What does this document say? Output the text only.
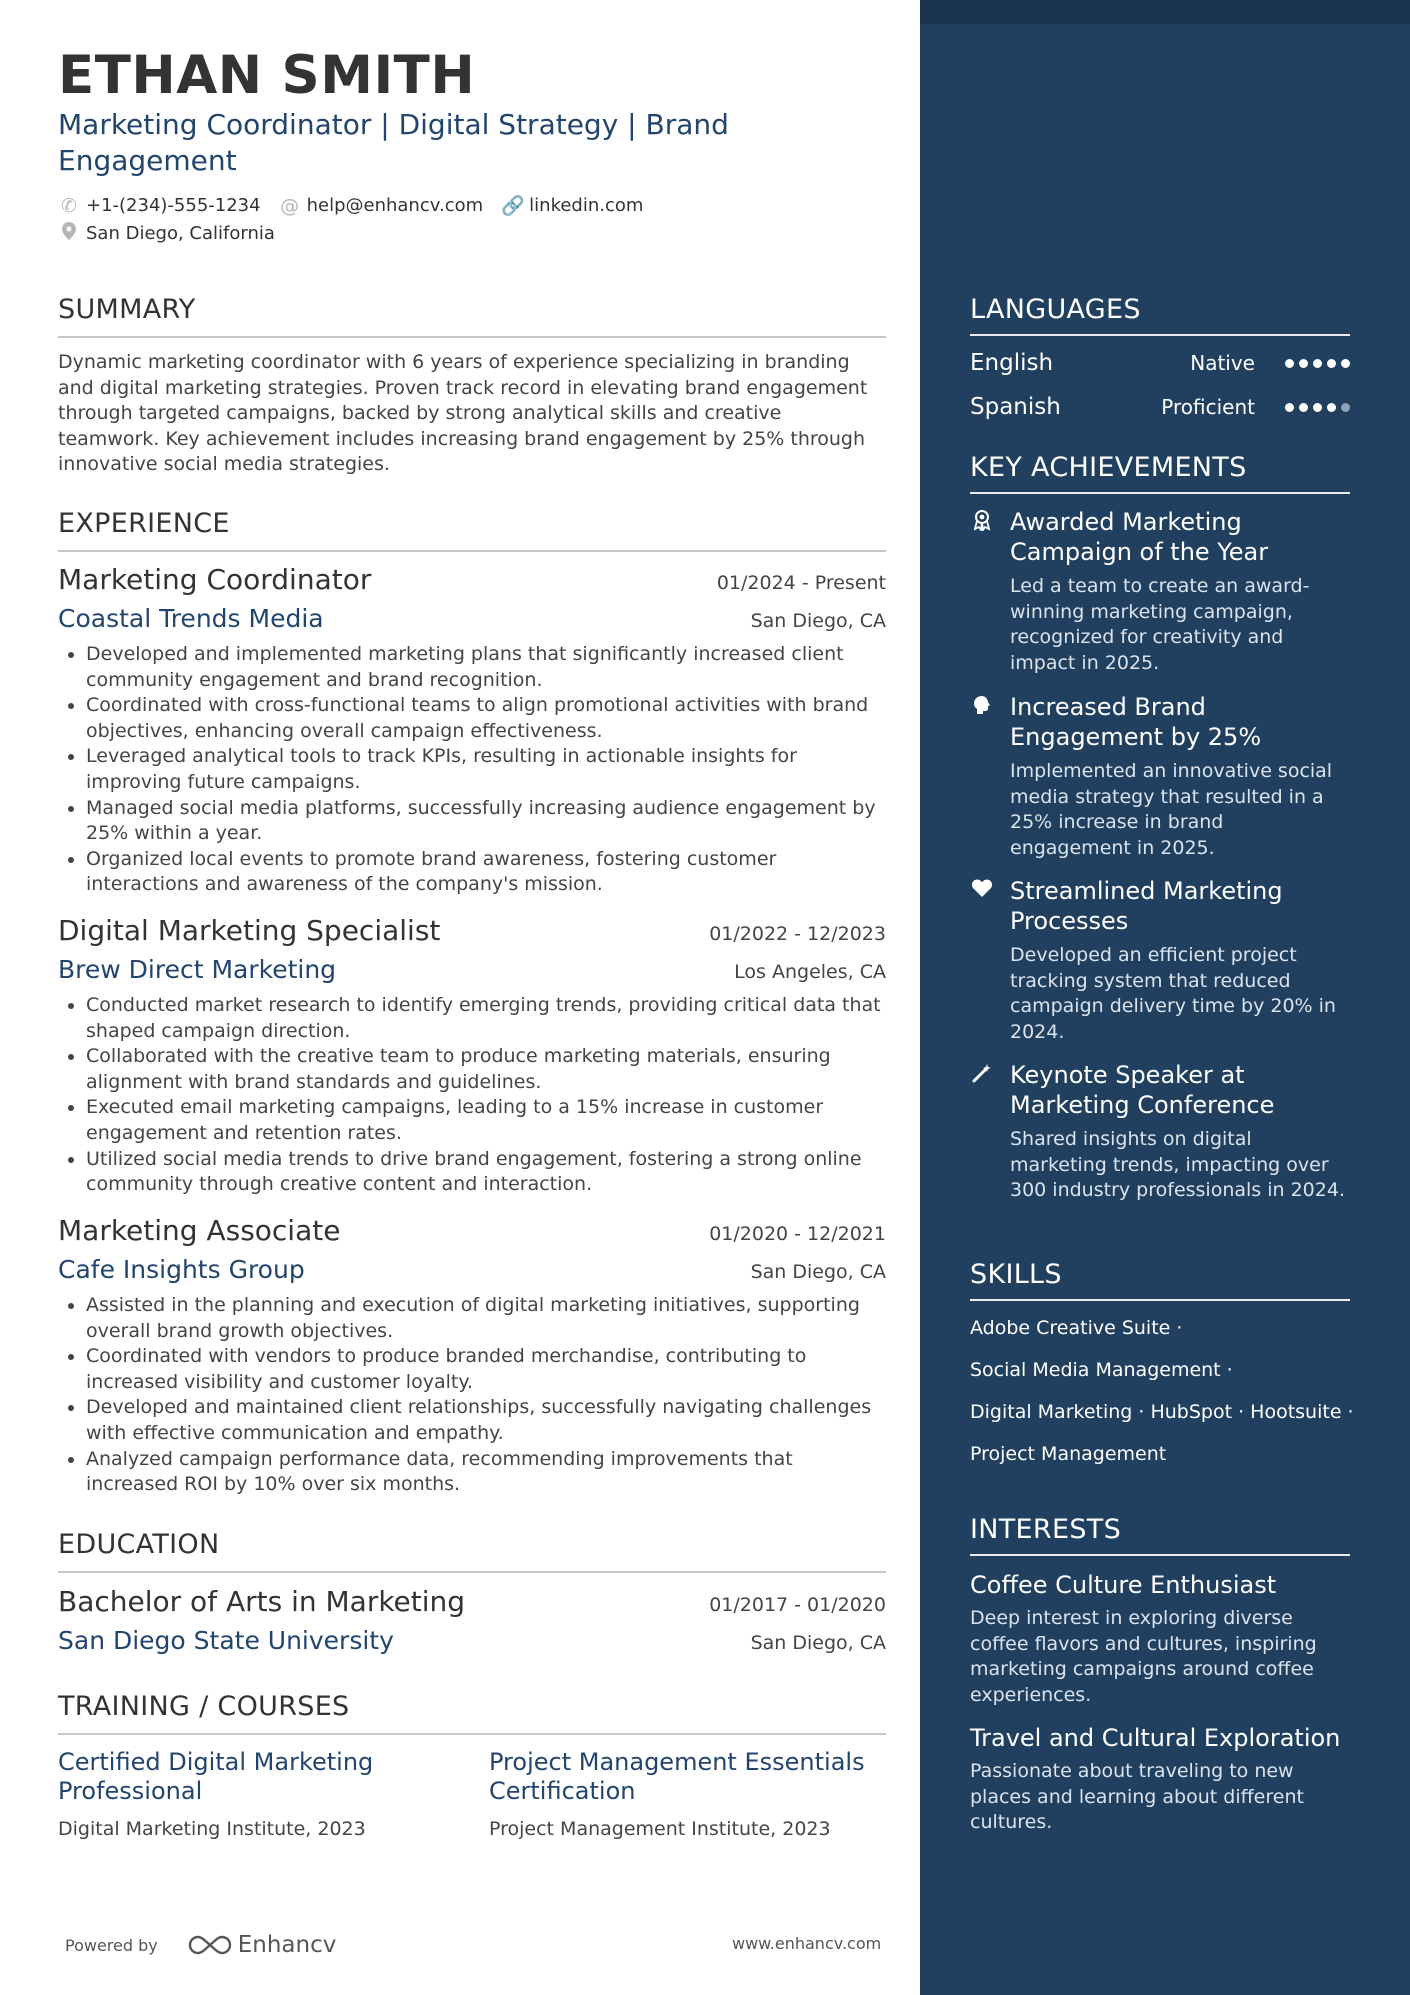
ETHAN SMITH
Marketing Coordinator | Digital Strategy | Brand Engagement
✆ +1-(234)-555-1234 @ help@enhancv.com 🔗 linkedin.com
San Diego, California
SUMMARY
Dynamic marketing coordinator with 6 years of experience specializing in branding and digital marketing strategies. Proven track record in elevating brand engagement through targeted campaigns, backed by strong analytical skills and creative teamwork. Key achievement includes increasing brand engagement by 25% through innovative social media strategies.
EXPERIENCE
Marketing Coordinator	01/2024 - Present
Coastal Trends Media	San Diego, CA
• Developed and implemented marketing plans that significantly increased client community engagement and brand recognition.
• Coordinated with cross-functional teams to align promotional activities with brand objectives, enhancing overall campaign effectiveness.
• Leveraged analytical tools to track KPIs, resulting in actionable insights for improving future campaigns.
• Managed social media platforms, successfully increasing audience engagement by 25% within a year.
• Organized local events to promote brand awareness, fostering customer interactions and awareness of the company's mission.
Digital Marketing Specialist	01/2022 - 12/2023
Brew Direct Marketing	Los Angeles, CA
• Conducted market research to identify emerging trends, providing critical data that shaped campaign direction.
• Collaborated with the creative team to produce marketing materials, ensuring alignment with brand standards and guidelines.
• Executed email marketing campaigns, leading to a 15% increase in customer engagement and retention rates.
• Utilized social media trends to drive brand engagement, fostering a strong online community through creative content and interaction.
Marketing Associate	01/2020 - 12/2021
Cafe Insights Group	San Diego, CA
• Assisted in the planning and execution of digital marketing initiatives, supporting overall brand growth objectives.
• Coordinated with vendors to produce branded merchandise, contributing to increased visibility and customer loyalty.
• Developed and maintained client relationships, successfully navigating challenges with effective communication and empathy.
• Analyzed campaign performance data, recommending improvements that increased ROI by 10% over six months.
EDUCATION
Bachelor of Arts in Marketing	01/2017 - 01/2020
San Diego State University	San Diego, CA
TRAINING / COURSES
Certified Digital Marketing Professional
Digital Marketing Institute, 2023
Project Management Essentials Certification
Project Management Institute, 2023
Powered by	Enhancv	www.enhancv.com
LANGUAGES
English	Native
Spanish	Proficient
KEY ACHIEVEMENTS
Awarded Marketing Campaign of the Year
Led a team to create an award-winning marketing campaign, recognized for creativity and impact in 2025.
Increased Brand Engagement by 25%
Implemented an innovative social media strategy that resulted in a 25% increase in brand engagement in 2025.
Streamlined Marketing Processes
Developed an efficient project tracking system that reduced campaign delivery time by 20% in 2024.
Keynote Speaker at Marketing Conference
Shared insights on digital marketing trends, impacting over 300 industry professionals in 2024.
SKILLS
Adobe Creative Suite ·
Social Media Management ·
Digital Marketing · HubSpot · Hootsuite ·
Project Management
INTERESTS
Coffee Culture Enthusiast
Deep interest in exploring diverse coffee flavors and cultures, inspiring marketing campaigns around coffee experiences.
Travel and Cultural Exploration
Passionate about traveling to new places and learning about different cultures.
